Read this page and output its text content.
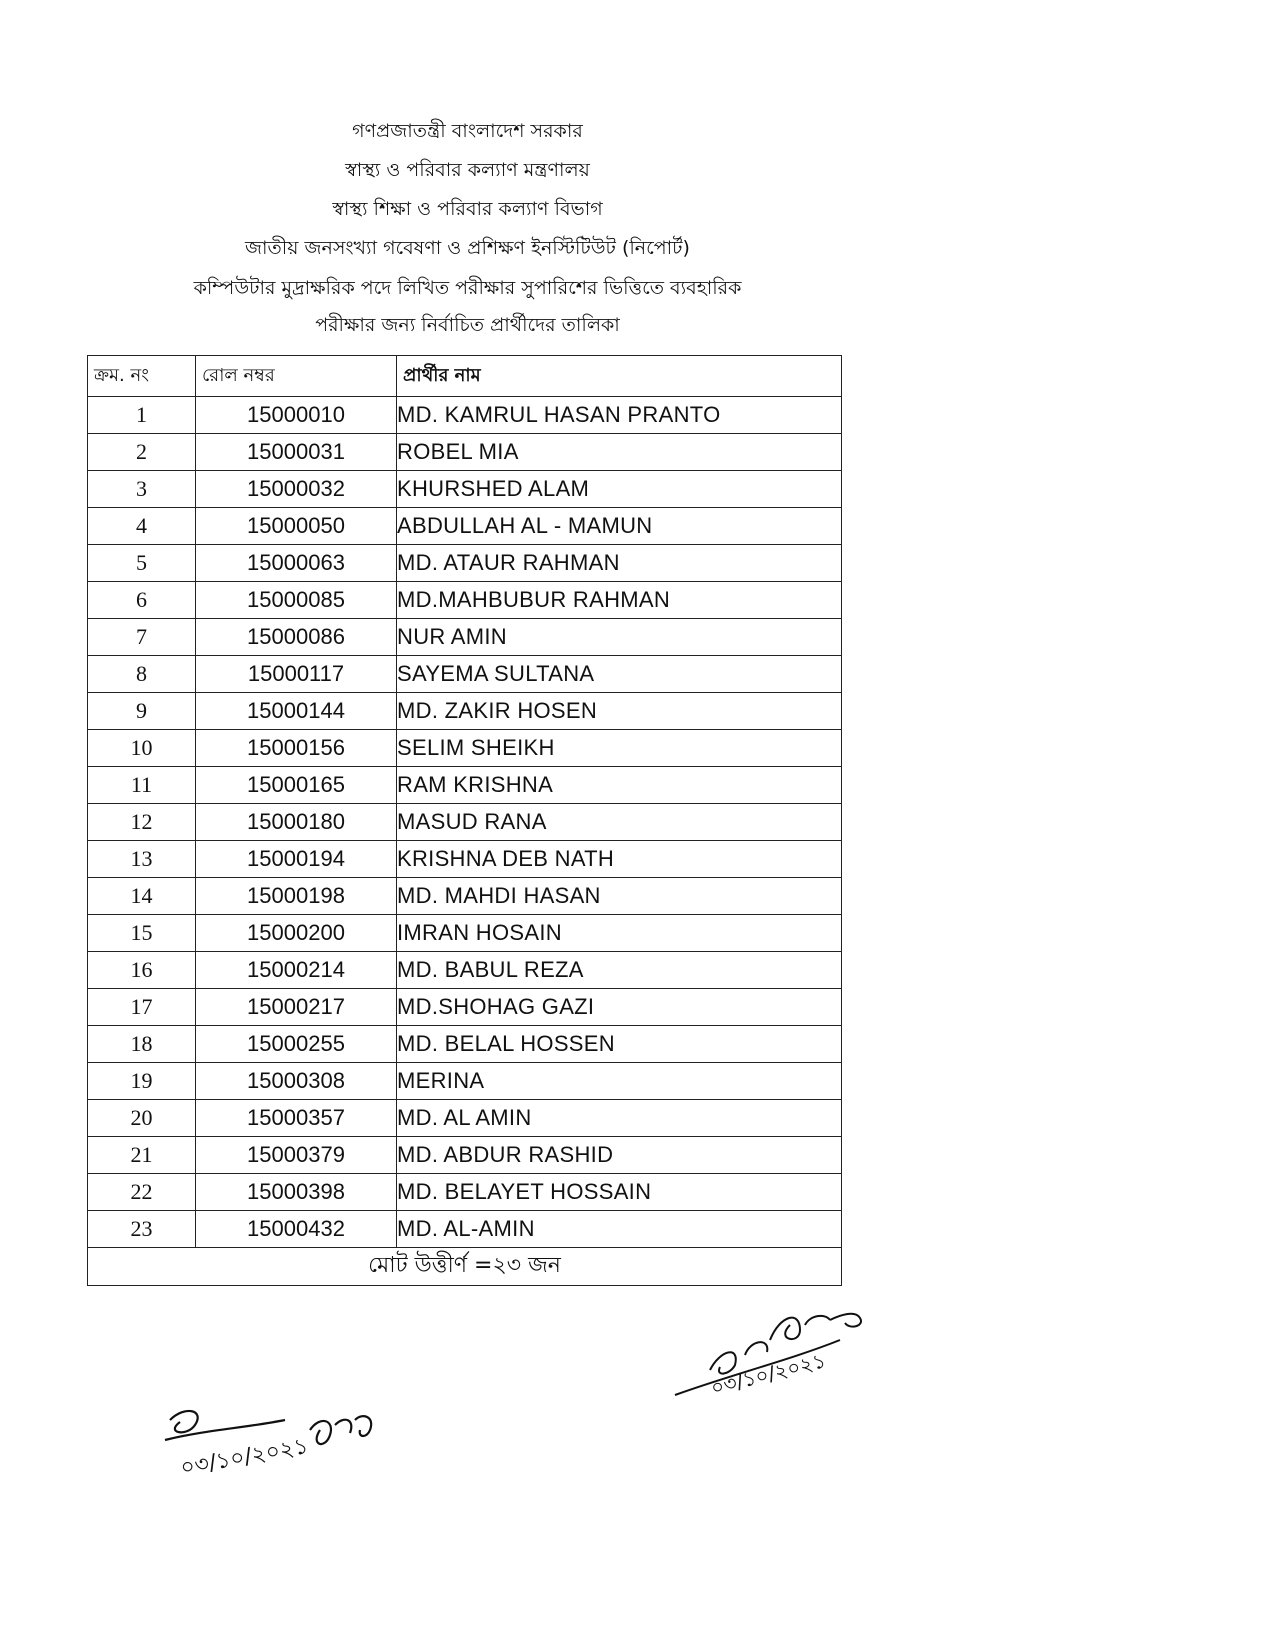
গণপ্রজাতন্ত্রী বাংলাদেশ সরকার
স্বাস্থ্য ও পরিবার কল্যাণ মন্ত্রণালয়
স্বাস্থ্য শিক্ষা ও পরিবার কল্যাণ বিভাগ
জাতীয় জনসংখ্যা গবেষণা ও প্রশিক্ষণ ইনস্টিটিউট (নিপোর্ট)
কম্পিউটার মুদ্রাক্ষরিক পদে লিখিত পরীক্ষার সুপারিশের ভিত্তিতে ব্যবহারিক
পরীক্ষার জন্য নির্বাচিত প্রার্থীদের তালিকা
ক্রম. নং	রোল নম্বর	প্রার্থীর নাম
1	15000010	MD. KAMRUL HASAN PRANTO
2	15000031	ROBEL MIA
3	15000032	KHURSHED ALAM
4	15000050	ABDULLAH AL - MAMUN
5	15000063	MD. ATAUR RAHMAN
6	15000085	MD.MAHBUBUR RAHMAN
7	15000086	NUR AMIN
8	15000117	SAYEMA SULTANA
9	15000144	MD. ZAKIR HOSEN
10	15000156	SELIM SHEIKH
11	15000165	RAM KRISHNA
12	15000180	MASUD RANA
13	15000194	KRISHNA DEB NATH
14	15000198	MD. MAHDI HASAN
15	15000200	IMRAN HOSAIN
16	15000214	MD. BABUL REZA
17	15000217	MD.SHOHAG GAZI
18	15000255	MD. BELAL HOSSEN
19	15000308	MERINA
20	15000357	MD. AL AMIN
21	15000379	MD. ABDUR RASHID
22	15000398	MD. BELAYET HOSSAIN
23	15000432	MD. AL-AMIN
মোট উত্তীর্ণ =২৩ জন		
০৩/১০/২০২১
০৩/১০/২০২১
